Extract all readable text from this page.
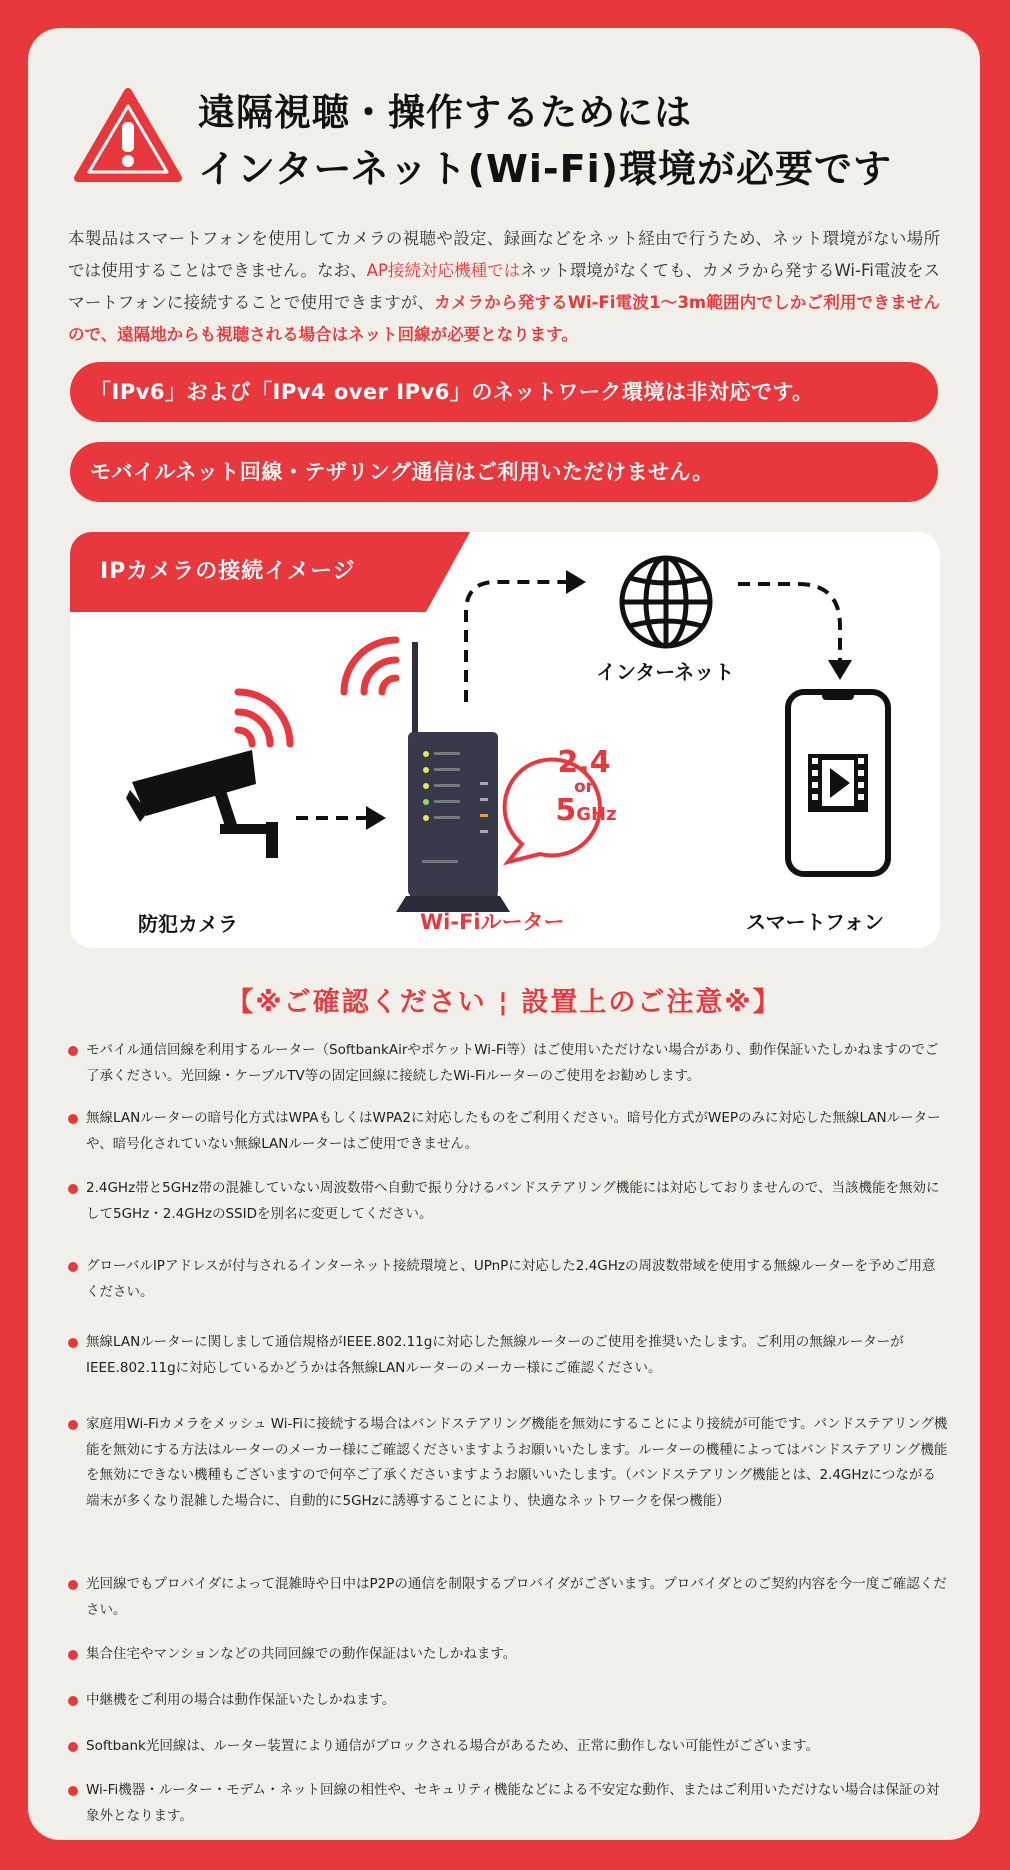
遠隔視聴・操作するためには
インターネット(Wi-Fi)環境が必要です

本製品はスマートフォンを使用してカメラの視聴や設定、録画などをネット経由で行うため、ネット環境がない場所では使用することはできません。なお、AP接続対応機種ではネット環境がなくても、カメラから発するWi-Fi電波をスマートフォンに接続することで使用できますが、カメラから発するWi-Fi電波1〜3m範囲内でしかご利用できませんので、遠隔地からも視聴される場合はネット回線が必要となります。

「IPv6」および「IPv4 over IPv6」のネットワーク環境は非対応です。
モバイルネット回線・テザリング通信はご利用いただけません。
IPカメラの接続イメージ
2.4
or
5GHz
防犯カメラ	Wi-Fiルーター
インターネット
スマートフォン
【※ご確認ください ¦ 設置上のご注意※】
モバイル通信回線を利用するルーター（SoftbankAirやポケットWi-Fi等）はご使用いただけない場合があり、動作保証いたしかねますのでご了承ください。光回線・ケーブルTV等の固定回線に接続したWi-Fiルーターのご使用をお勧めします。
無線LANルーターの暗号化方式はWPAもしくはWPA2に対応したものをご利用ください。暗号化方式がWEPのみに対応した無線LANルーターや、暗号化されていない無線LANルーターはご使用できません。
2.4GHz帯と5GHz帯の混雑していない周波数帯へ自動で振り分けるバンドステアリング機能には対応しておりませんので、当該機能を無効にして5GHz・2.4GHzのSSIDを別名に変更してください。
グローバルIPアドレスが付与されるインターネット接続環境と、UPnPに対応した2.4GHzの周波数帯域を使用する無線ルーターを予めご用意ください。
無線LANルーターに関しまして通信規格がIEEE.802.11gに対応した無線ルーターのご使用を推奨いたします。ご利用の無線ルーターがIEEE.802.11gに対応しているかどうかは各無線LANルーターのメーカー様にご確認ください。
家庭用Wi-Fiカメラをメッシュ Wi-Fiに接続する場合はバンドステアリング機能を無効にすることにより接続が可能です。バンドステアリング機能を無効にする方法はルーターのメーカー様にご確認くださいますようお願いいたします。ルーターの機種によってはバンドステアリング機能を無効にできない機種もございますので何卒ご了承くださいますようお願いいたします。（バンドステアリング機能とは、2.4GHzにつながる端末が多くなり混雑した場合に、自動的に5GHzに誘導することにより、快適なネットワークを保つ機能）
光回線でもプロバイダによって混雑時や日中はP2Pの通信を制限するプロバイダがございます。プロバイダとのご契約内容を今一度ご確認ください。
集合住宅やマンションなどの共同回線での動作保証はいたしかねます。
中継機をご利用の場合は動作保証いたしかねます。
Softbank光回線は、ルーター装置により通信がブロックされる場合があるため、正常に動作しない可能性がございます。
Wi-Fi機器・ルーター・モデム・ネット回線の相性や、セキュリティ機能などによる不安定な動作、またはご利用いただけない場合は保証の対象外となります。
